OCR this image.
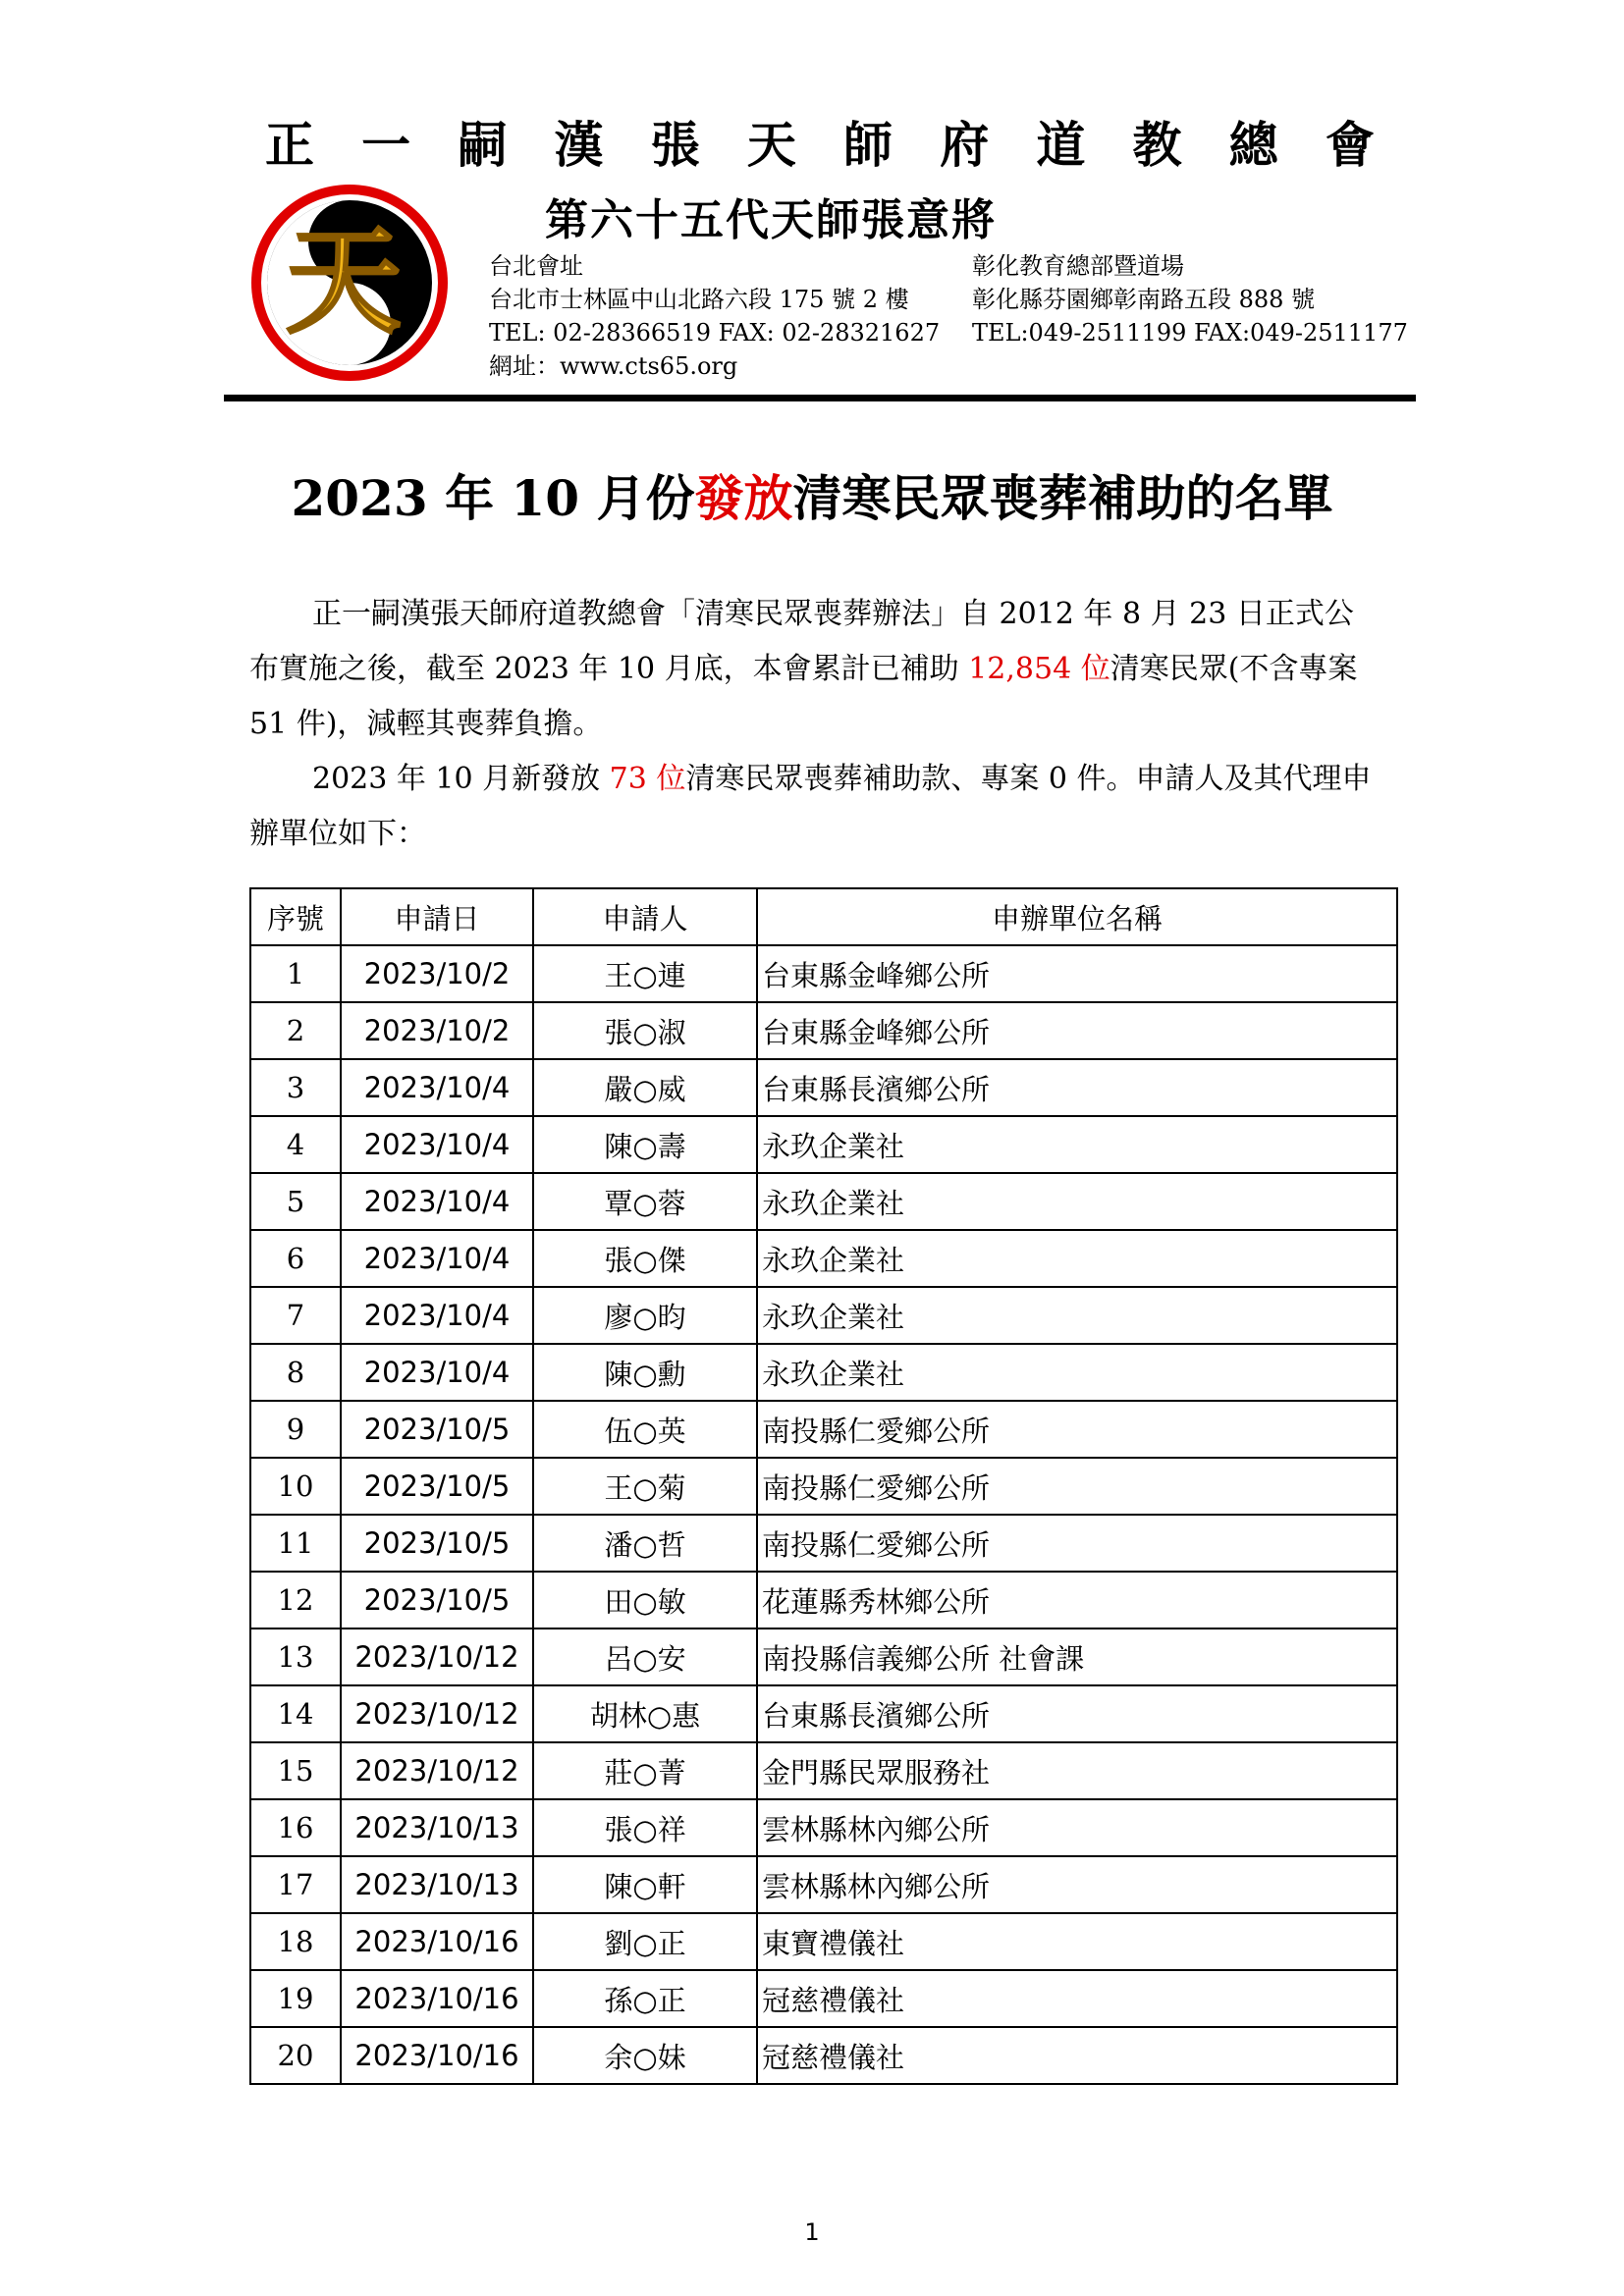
正 一 嗣 漢 張 天 師 府 道 教 總 會
天	第六十五代天師張意將
台北會址
台北市士林區中山北路六段 175 號 2 樓
TEL: 02-28366519 FAX: 02-28321627
網址：www.cts65.org
彰化教育總部暨道場
彰化縣芬園鄉彰南路五段 888 號
TEL:049-2511199 FAX:049-2511177
2023 年 10 月份發放清寒民眾喪葬補助的名單
正一嗣漢張天師府道教總會「清寒民眾喪葬辦法」自 2012 年 8 月 23 日正式公布實施之後，截至 2023 年 10 月底，本會累計已補助 12,854 位清寒民眾(不含專案 51 件)，減輕其喪葬負擔。
2023 年 10 月新發放 73 位清寒民眾喪葬補助款、專案 0 件。申請人及其代理申辦單位如下：
序號	申請日	申請人	申辦單位名稱
1	2023/10/2	王○連	台東縣金峰鄉公所
2	2023/10/2	張○淑	台東縣金峰鄉公所
3	2023/10/4	嚴○威	台東縣長濱鄉公所
4	2023/10/4	陳○壽	永玖企業社
5	2023/10/4	覃○蓉	永玖企業社
6	2023/10/4	張○傑	永玖企業社
7	2023/10/4	廖○昀	永玖企業社
8	2023/10/4	陳○勳	永玖企業社
9	2023/10/5	伍○英	南投縣仁愛鄉公所
10	2023/10/5	王○菊	南投縣仁愛鄉公所
11	2023/10/5	潘○哲	南投縣仁愛鄉公所
12	2023/10/5	田○敏	花蓮縣秀林鄉公所
13	2023/10/12	呂○安	南投縣信義鄉公所 社會課
14	2023/10/12	胡林○惠	台東縣長濱鄉公所
15	2023/10/12	莊○菁	金門縣民眾服務社
16	2023/10/13	張○祥	雲林縣林內鄉公所
17	2023/10/13	陳○軒	雲林縣林內鄉公所
18	2023/10/16	劉○正	東寶禮儀社
19	2023/10/16	孫○正	冠慈禮儀社
20	2023/10/16	余○妹	冠慈禮儀社
1
